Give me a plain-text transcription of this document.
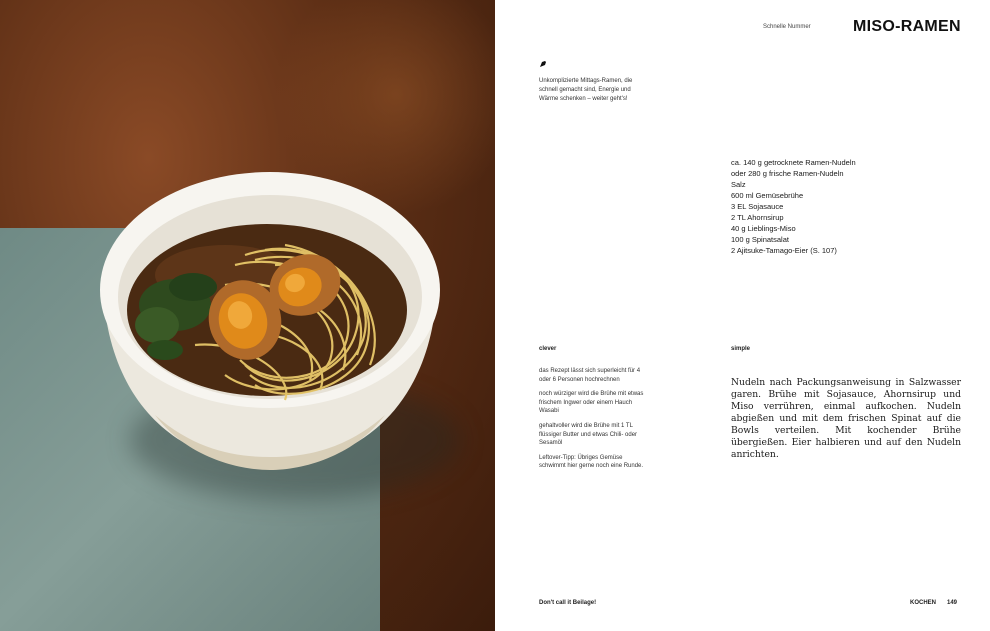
Schnelle Nummer	MISO-RAMEN
Unkomplizierte Mittags-Ramen, die schnell gemacht sind, Energie und Wärme schenken – weiter geht's!
ca. 140 g getrocknete Ramen-Nudeln
oder 280 g frische Ramen-Nudeln
Salz
600 ml Gemüsebrühe
3 EL Sojasauce
2 TL Ahornsirup
40 g Lieblings-Miso
100 g Spinatsalat
2 Ajitsuke-Tamago-Eier (S. 107)
clever	simple
das Rezept lässt sich superleicht für 4 oder 6 Personen hochrechnen
noch würziger wird die Brühe mit etwas frischem Ingwer oder einem Hauch Wasabi
gehaltvoller wird die Brühe mit 1 TL flüssiger Butter und etwas Chili- oder Sesamöl
Leftover-Tipp: Übriges Gemüse schwimmt hier gerne noch eine Runde.

Nudeln nach Packungsanweisung in Salzwasser garen. Brühe mit Sojasauce, Ahornsirup und Miso verrühren, einmal aufkochen. Nudeln abgießen und mit dem frischen Spinat auf die Bowls verteilen. Mit kochender Brühe übergießen. Eier halbieren und auf den Nudeln anrichten.

Don't call it Beilage!	KOCHEN 149
